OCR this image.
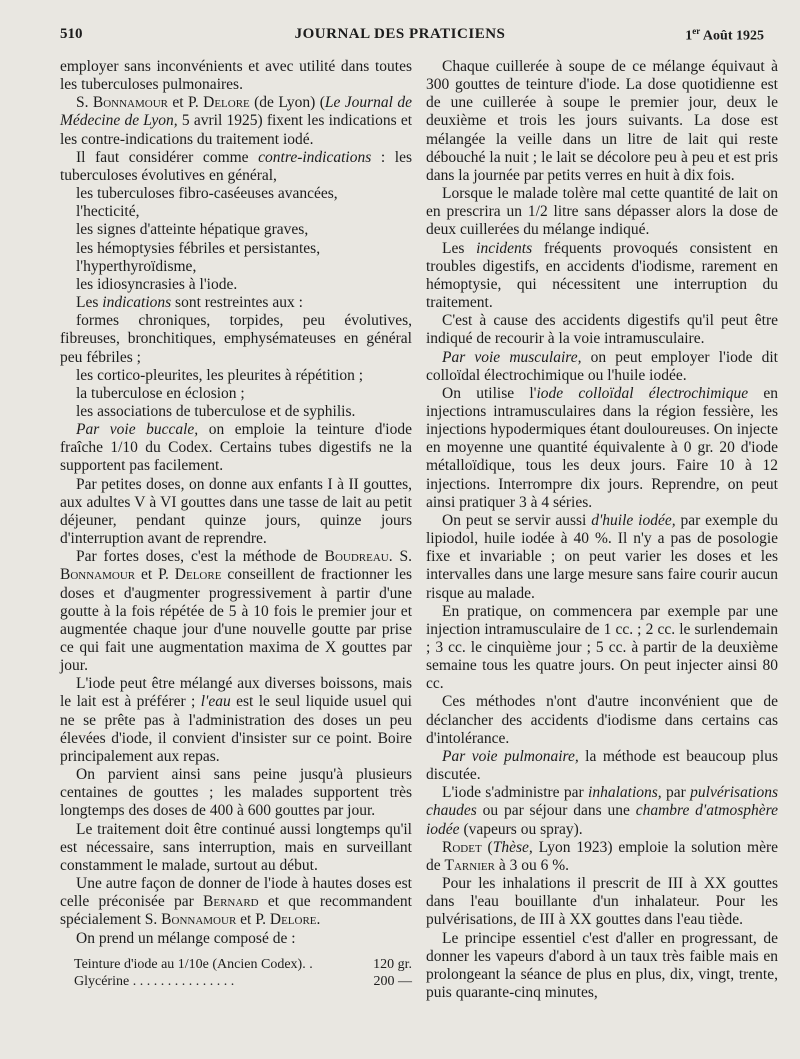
510	JOURNAL DES PRATICIENS	1er Août 1925

employer sans inconvénients et avec utilité dans toutes les tuberculoses pulmonaires.

S. Bonnamour et P. Delore (de Lyon) (Le Journal de Médecine de Lyon, 5 avril 1925) fixent les indications et les contre-indications du traitement iodé.

Il faut considérer comme contre-indications : les tuberculoses évolutives en général,

les tuberculoses fibro-caséeuses avancées,

l'hecticité,

les signes d'atteinte hépatique graves,

les hémoptysies fébriles et persistantes,

l'hyperthyroïdisme,

les idiosyncrasies à l'iode.

Les indications sont restreintes aux :

formes chroniques, torpides, peu évolutives, fibreuses, bronchitiques, emphysémateuses en général peu fébriles ;

les cortico-pleurites, les pleurites à répétition ;

la tuberculose en éclosion ;

les associations de tuberculose et de syphilis.

Par voie buccale, on emploie la teinture d'iode fraîche 1/10 du Codex. Certains tubes digestifs ne la supportent pas facilement.

Par petites doses, on donne aux enfants I à II gouttes, aux adultes V à VI gouttes dans une tasse de lait au petit déjeuner, pendant quinze jours, quinze jours d'interruption avant de reprendre.

Par fortes doses, c'est la méthode de Boudreau. S. Bonnamour et P. Delore conseillent de fractionner les doses et d'augmenter progressivement à partir d'une goutte à la fois répétée de 5 à 10 fois le premier jour et augmentée chaque jour d'une nouvelle goutte par prise ce qui fait une augmentation maxima de X gouttes par jour.

L'iode peut être mélangé aux diverses boissons, mais le lait est à préférer ; l'eau est le seul liquide usuel qui ne se prête pas à l'administration des doses un peu élevées d'iode, il convient d'insister sur ce point. Boire principalement aux repas.

On parvient ainsi sans peine jusqu'à plusieurs centaines de gouttes ; les malades supportent très longtemps des doses de 400 à 600 gouttes par jour.

Le traitement doit être continué aussi longtemps qu'il est nécessaire, sans interruption, mais en surveillant constamment le malade, surtout au début.

Une autre façon de donner de l'iode à hautes doses est celle préconisée par Bernard et que recommandent spécialement S. Bonnamour et P. Delore.

On prend un mélange composé de :

Teinture d'iode au 1/10e (Ancien Codex). .	120 gr.
Glycérine . . . . . . . . . . . . . . .	200 —

Chaque cuillerée à soupe de ce mélange équivaut à 300 gouttes de teinture d'iode. La dose quotidienne est de une cuillerée à soupe le premier jour, deux le deuxième et trois les jours suivants. La dose est mélangée la veille dans un litre de lait qui reste débouché la nuit ; le lait se décolore peu à peu et est pris dans la journée par petits verres en huit à dix fois.

Lorsque le malade tolère mal cette quantité de lait on en prescrira un 1/2 litre sans dépasser alors la dose de deux cuillerées du mélange indiqué.

Les incidents fréquents provoqués consistent en troubles digestifs, en accidents d'iodisme, rarement en hémoptysie, qui nécessitent une interruption du traitement.

C'est à cause des accidents digestifs qu'il peut être indiqué de recourir à la voie intramusculaire.

Par voie musculaire, on peut employer l'iode dit colloïdal électrochimique ou l'huile iodée.

On utilise l'iode colloïdal électrochimique en injections intramusculaires dans la région fessière, les injections hypodermiques étant douloureuses. On injecte en moyenne une quantité équivalente à 0 gr. 20 d'iode métalloïdique, tous les deux jours. Faire 10 à 12 injections. Interrompre dix jours. Reprendre, on peut ainsi pratiquer 3 à 4 séries.

On peut se servir aussi d'huile iodée, par exemple du lipiodol, huile iodée à 40 %. Il n'y a pas de posologie fixe et invariable ; on peut varier les doses et les intervalles dans une large mesure sans faire courir aucun risque au malade.

En pratique, on commencera par exemple par une injection intramusculaire de 1 cc. ; 2 cc. le surlendemain ; 3 cc. le cinquième jour ; 5 cc. à partir de la deuxième semaine tous les quatre jours. On peut injecter ainsi 80 cc.

Ces méthodes n'ont d'autre inconvénient que de déclancher des accidents d'iodisme dans certains cas d'intolérance.

Par voie pulmonaire, la méthode est beaucoup plus discutée.

L'iode s'administre par inhalations, par pulvérisations chaudes ou par séjour dans une chambre d'atmosphère iodée (vapeurs ou spray).

Rodet (Thèse, Lyon 1923) emploie la solution mère de Tarnier à 3 ou 6 %.

Pour les inhalations il prescrit de III à XX gouttes dans l'eau bouillante d'un inhalateur. Pour les pulvérisations, de III à XX gouttes dans l'eau tiède.

Le principe essentiel c'est d'aller en progressant, de donner les vapeurs d'abord à un taux très faible mais en prolongeant la séance de plus en plus, dix, vingt, trente, puis quarante-cinq minutes,
